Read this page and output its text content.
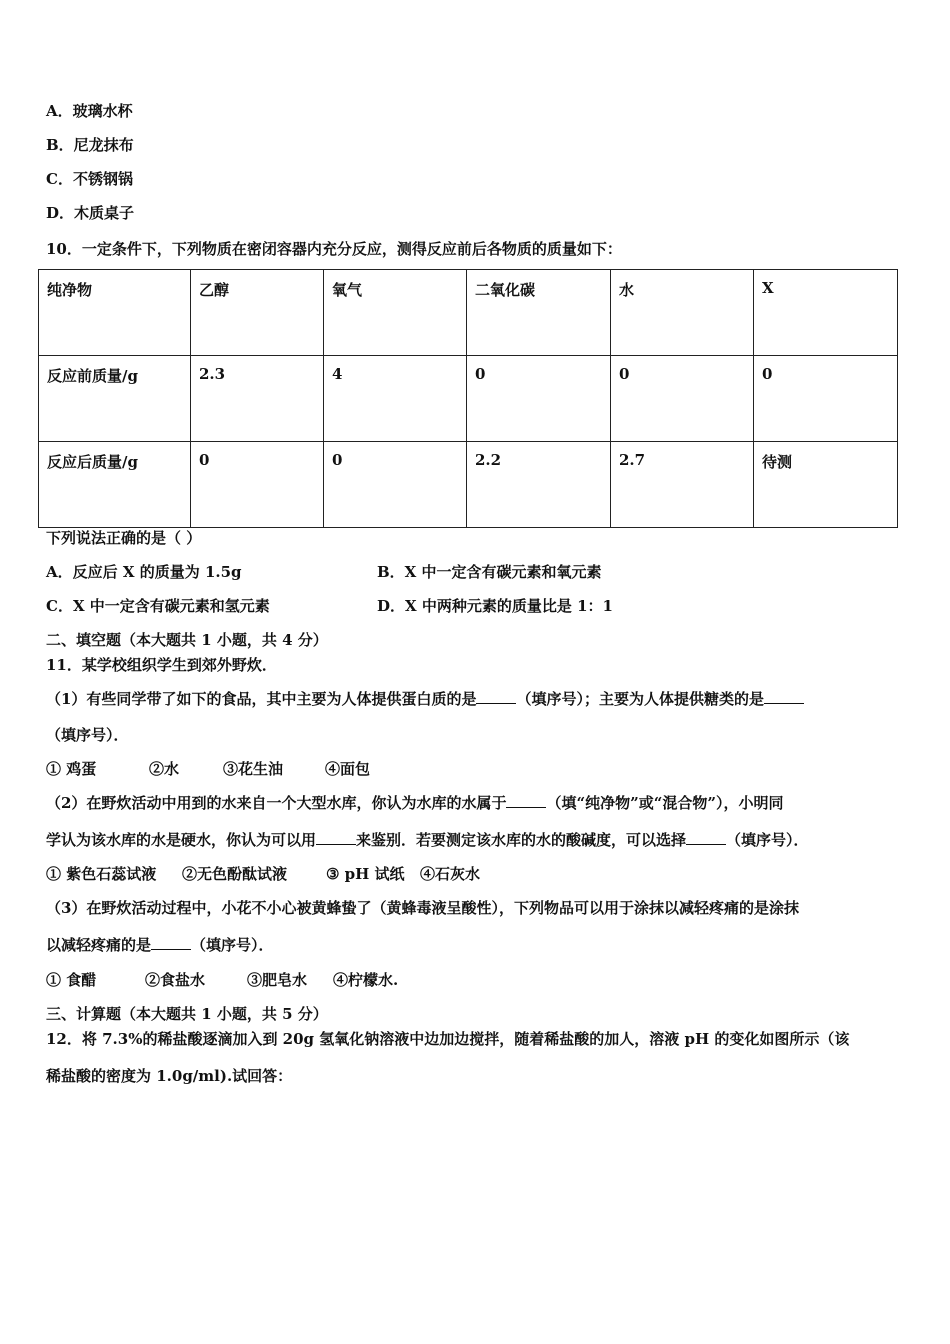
A．玻璃水杯
B．尼龙抹布
C．不锈钢锅
D．木质桌子
10．一定条件下，下列物质在密闭容器内充分反应，测得反应前后各物质的质量如下：
纯净物	乙醇	氧气	二氧化碳	水	X
反应前质量/g	2.3	4	0	0	0
反应后质量/g	0	0	2.2	2.7	待测
下列说法正确的是（ ）
A．反应后 X 的质量为 1.5g	B．X 中一定含有碳元素和氧元素
C．X 中一定含有碳元素和氢元素	D．X 中两种元素的质量比是 1：1
二、填空题（本大题共 1 小题，共 4 分）
11．某学校组织学生到郊外野炊．
（1）有些同学带了如下的食品，其中主要为人体提供蛋白质的是	（填序号）；主要为人体提供糖类的是
（填序号）．
① 鸡蛋	②水	③花生油	④面包
（2）在野炊活动中用到的水来自一个大型水库，你认为水库的水属于	（填“纯净物”或“混合物”），小明同
学认为该水库的水是硬水，你认为可以用	来鉴别．若要测定该水库的水的酸碱度，可以选择	（填序号）．
① 紫色石蕊试液 ②无色酚酞试液	③ pH 试纸 ④石灰水
（3）在野炊活动过程中，小花不小心被黄蜂蛰了（黄蜂毒液呈酸性），下列物品可以用于涂抹以减轻疼痛的是涂抹
以减轻疼痛的是	（填序号）．
① 食醋	②食盐水	③肥皂水 ④柠檬水.
三、计算题（本大题共 1 小题，共 5 分）
12．将 7.3%的稀盐酸逐滴加入到 20g 氢氧化钠溶液中边加边搅拌，随着稀盐酸的加人，溶液 pH 的变化如图所示（该
稀盐酸的密度为 1.0g/ml).试回答：
